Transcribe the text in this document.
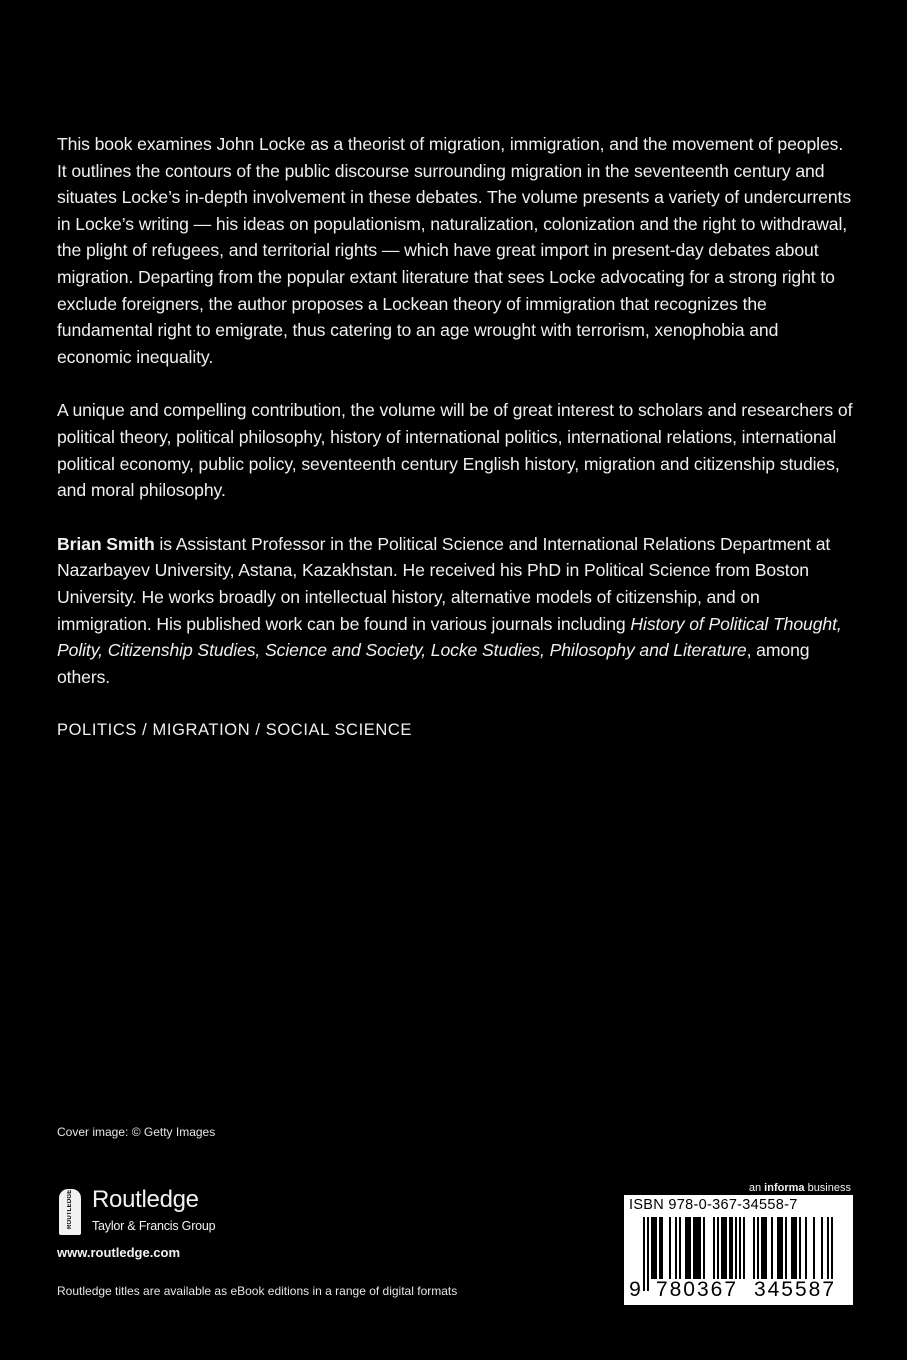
This book examines John Locke as a theorist of migration, immigration, and the movement of peoples. It outlines the contours of the public discourse surrounding migration in the seventeenth century and situates Locke’s in-depth involvement in these debates. The volume presents a variety of undercurrents in Locke’s writing — his ideas on populationism, naturalization, colonization and the right to withdrawal, the plight of refugees, and territorial rights — which have great import in present-day debates about migration. Departing from the popular extant literature that sees Locke advocating for a strong right to exclude foreigners, the author proposes a Lockean theory of immigration that recognizes the fundamental right to emigrate, thus catering to an age wrought with terrorism, xenophobia and economic inequality.

A unique and compelling contribution, the volume will be of great interest to scholars and researchers of political theory, political philosophy, history of international politics, international relations, international political economy, public policy, seventeenth century English history, migration and citizenship studies, and moral philosophy.

Brian Smith is Assistant Professor in the Political Science and International Relations Department at Nazarbayev University, Astana, Kazakhstan. He received his PhD in Political Science from Boston University. He works broadly on intellectual history, alternative models of citizenship, and on immigration. His published work can be found in various journals including History of Political Thought, Polity, Citizenship Studies, Science and Society, Locke Studies, Philosophy and Literature, among others.

POLITICS / MIGRATION / SOCIAL SCIENCE

Cover image: © Getty Images
ROUTLEDGE Routledge
Taylor & Francis Group
www.routledge.com
Routledge titles are available as eBook editions in a range of digital formats
an informa business
ISBN 978-0-367-34558-7
9 780367 345587
